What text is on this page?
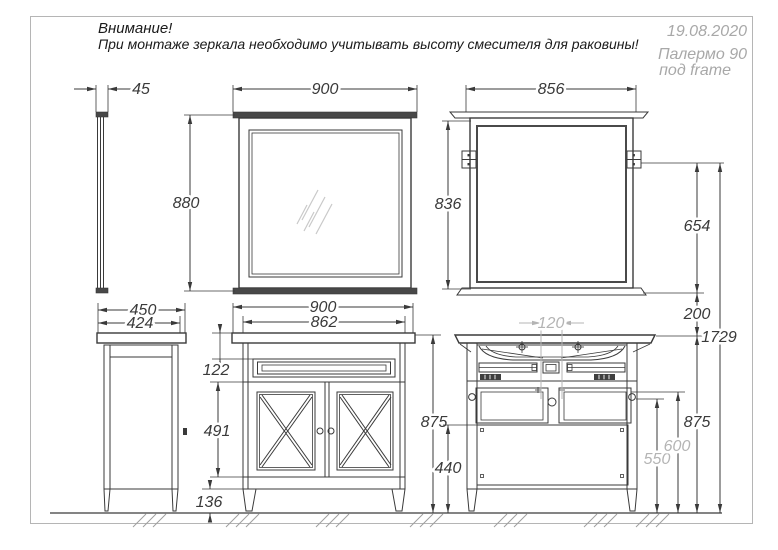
Внимание!
При монтаже зеркала необходимо учитывать высоту смесителя для раковины!
19.08.2020
Палермо 90
под frame
45	900
880
856
836
654
200
1729
450
424
900
862
122
491
136
875
120
440
550
600
875
